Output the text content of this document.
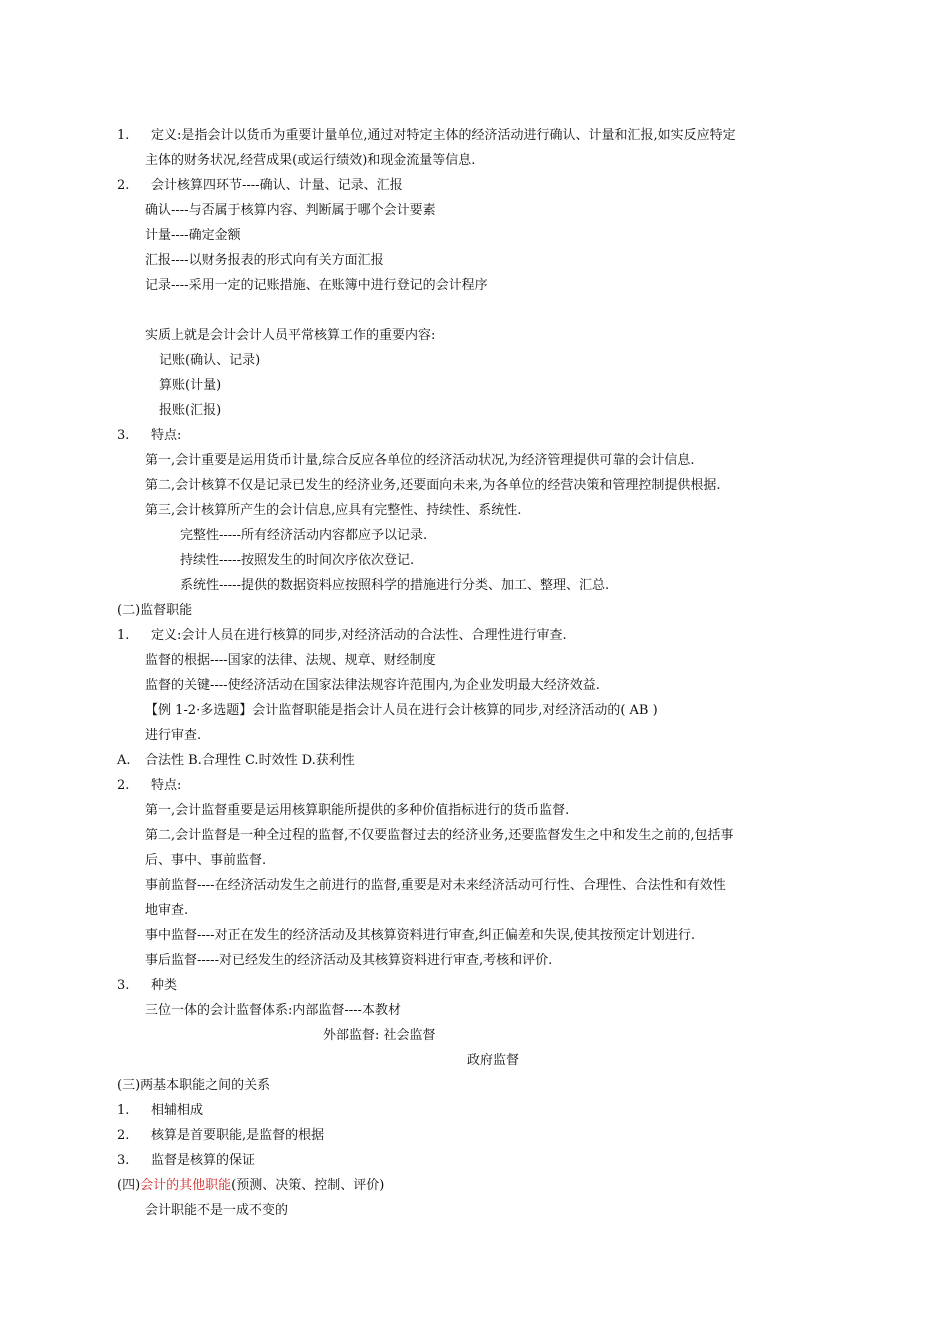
1. 定义:是指会计以货币为重要计量单位,通过对特定主体的经济活动进行确认、计量和汇报,如实反应特定
主体的财务状况,经营成果(或运行绩效)和现金流量等信息.
2. 会计核算四环节----确认、计量、记录、汇报
确认----与否属于核算内容、判断属于哪个会计要素
计量----确定金额
汇报----以财务报表的形式向有关方面汇报
记录----采用一定的记账措施、在账簿中进行登记的会计程序
实质上就是会计会计人员平常核算工作的重要内容:
记账(确认、记录)
算账(计量)
报账(汇报)
3. 特点:
第一,会计重要是运用货币计量,综合反应各单位的经济活动状况,为经济管理提供可靠的会计信息.
第二,会计核算不仅是记录已发生的经济业务,还要面向未来,为各单位的经营决策和管理控制提供根据.
第三,会计核算所产生的会计信息,应具有完整性、持续性、系统性.
完整性-----所有经济活动内容都应予以记录.
持续性-----按照发生的时间次序依次登记.
系统性-----提供的数据资料应按照科学的措施进行分类、加工、整理、汇总.
(二)监督职能
1. 定义:会计人员在进行核算的同步,对经济活动的合法性、合理性进行审查.
监督的根据----国家的法律、法规、规章、财经制度
监督的关键----使经济活动在国家法律法规容许范围内,为企业发明最大经济效益.
【例 1-2·多选题】会计监督职能是指会计人员在进行会计核算的同步,对经济活动的( AB )
进行审查.
A. 合法性 B.合理性 C.时效性 D.获利性
2. 特点:
第一,会计监督重要是运用核算职能所提供的多种价值指标进行的货币监督.
第二,会计监督是一种全过程的监督,不仅要监督过去的经济业务,还要监督发生之中和发生之前的,包括事
后、事中、事前监督.
事前监督----在经济活动发生之前进行的监督,重要是对未来经济活动可行性、合理性、合法性和有效性
地审查.
事中监督----对正在发生的经济活动及其核算资料进行审查,纠正偏差和失误,使其按预定计划进行.
事后监督-----对已经发生的经济活动及其核算资料进行审查,考核和评价.
3. 种类
三位一体的会计监督体系:内部监督----本教材
外部监督: 社会监督
政府监督
(三)两基本职能之间的关系
1. 相辅相成
2. 核算是首要职能,是监督的根据
3. 监督是核算的保证
(四)会计的其他职能(预测、决策、控制、评价)
会计职能不是一成不变的
